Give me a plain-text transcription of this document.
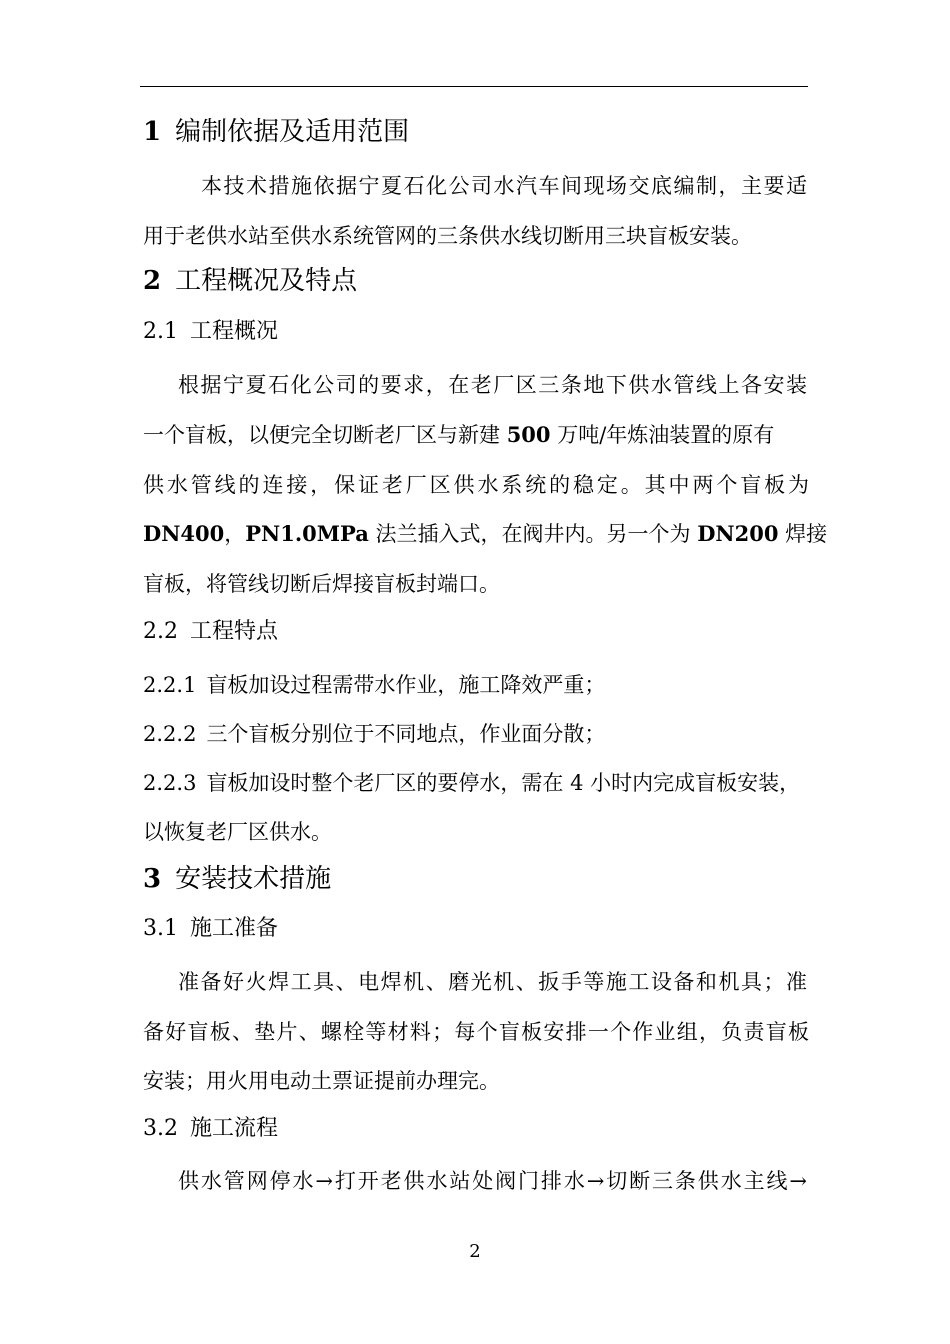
1 编制依据及适用范围
本技术措施依据宁夏石化公司水汽车间现场交底编制，主要适
用于老供水站至供水系统管网的三条供水线切断用三块盲板安装。
2 工程概况及特点
2.1 工程概况
根据宁夏石化公司的要求，在老厂区三条地下供水管线上各安装
一个盲板，以便完全切断老厂区与新建 500 万吨/年炼油装置的原有
供水管线的连接，保证老厂区供水系统的稳定。其中两个盲板为
DN400，PN1.0MPa 法兰插入式，在阀井内。另一个为 DN200 焊接
盲板，将管线切断后焊接盲板封端口。
2.2 工程特点
2.2.1 盲板加设过程需带水作业，施工降效严重；
2.2.2 三个盲板分别位于不同地点，作业面分散；
2.2.3 盲板加设时整个老厂区的要停水，需在 4 小时内完成盲板安装，
以恢复老厂区供水。
3 安装技术措施
3.1 施工准备
准备好火焊工具、电焊机、磨光机、扳手等施工设备和机具；准
备好盲板、垫片、螺栓等材料；每个盲板安排一个作业组，负责盲板
安装；用火用电动土票证提前办理完。
3.2 施工流程
供水管网停水→打开老供水站处阀门排水→切断三条供水主线→
2
